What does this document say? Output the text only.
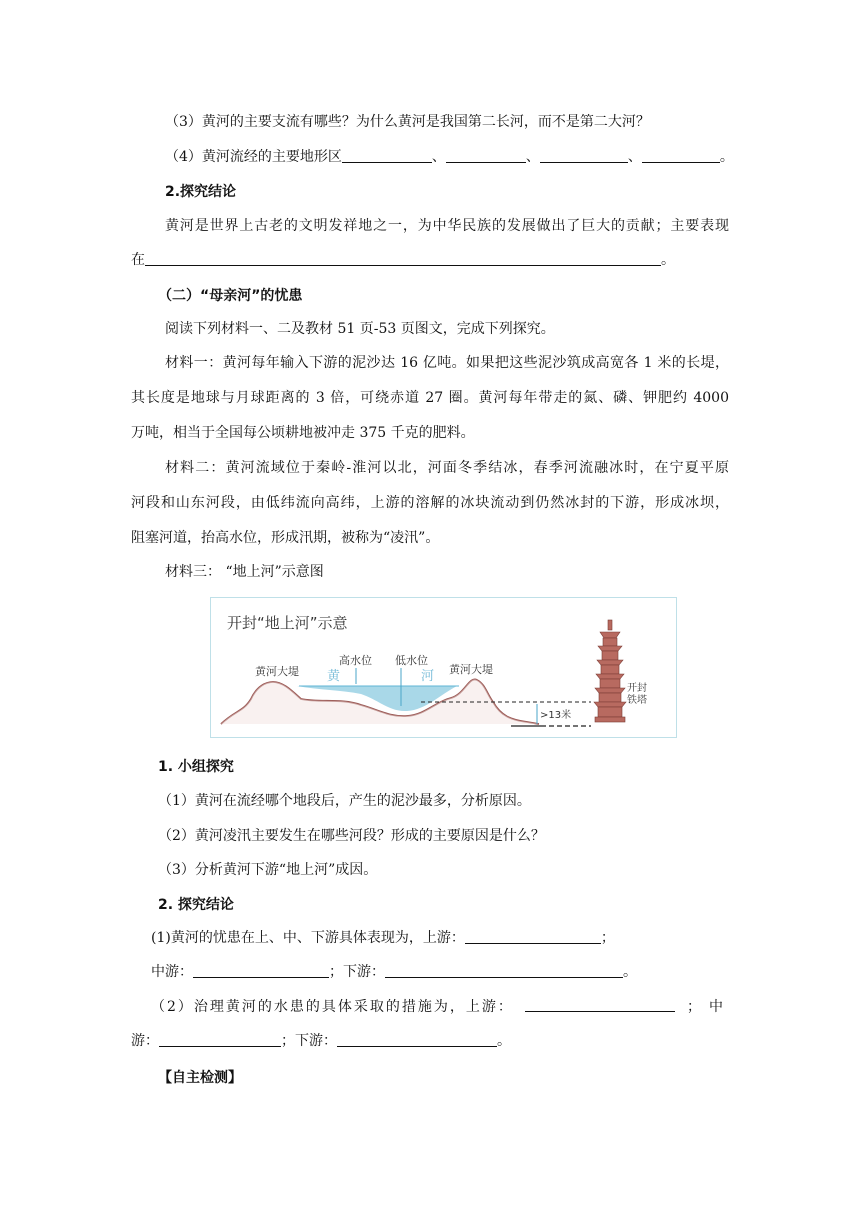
（3）黄河的主要支流有哪些？为什么黄河是我国第二长河，而不是第二大河？
（4）黄河流经的主要地形区	、	、	、	。
2.探究结论
黄河是世界上古老的文明发祥地之一，为中华民族的发展做出了巨大的贡献；主要表现
在	。
（二）“母亲河”的忧患
阅读下列材料一、二及教材 51 页-53 页图文，完成下列探究。
材料一：黄河每年输入下游的泥沙达 16 亿吨。如果把这些泥沙筑成高宽各 1 米的长堤，
其长度是地球与月球距离的 3 倍，可绕赤道 27 圈。黄河每年带走的氮、磷、钾肥约 4000
万吨，相当于全国每公顷耕地被冲走 375 千克的肥料。
材料二：黄河流域位于秦岭-淮河以北，河面冬季结冰，春季河流融冰时，在宁夏平原
河段和山东河段，由低纬流向高纬，上游的溶解的冰块流动到仍然冰封的下游，形成冰坝，
阻塞河道，抬高水位，形成汛期，被称为“凌汛”。
材料三： “地上河”示意图
开封“地上河”示意
>13米
黄河大堤	黄河大堤
高水位 低水位
黄	河
开封
铁塔
1. 小组探究
（1）黄河在流经哪个地段后，产生的泥沙最多，分析原因。
（2）黄河凌汛主要发生在哪些河段？形成的主要原因是什么？
（3）分析黄河下游“地上河”成因。
2. 探究结论
(1)黄河的忧患在上、中、下游具体表现为，上游：	；
中游：	；下游：	。
（2）治理黄河的水患的具体采取的措施为，上游：	；中
游：	；下游：	。
【自主检测】
